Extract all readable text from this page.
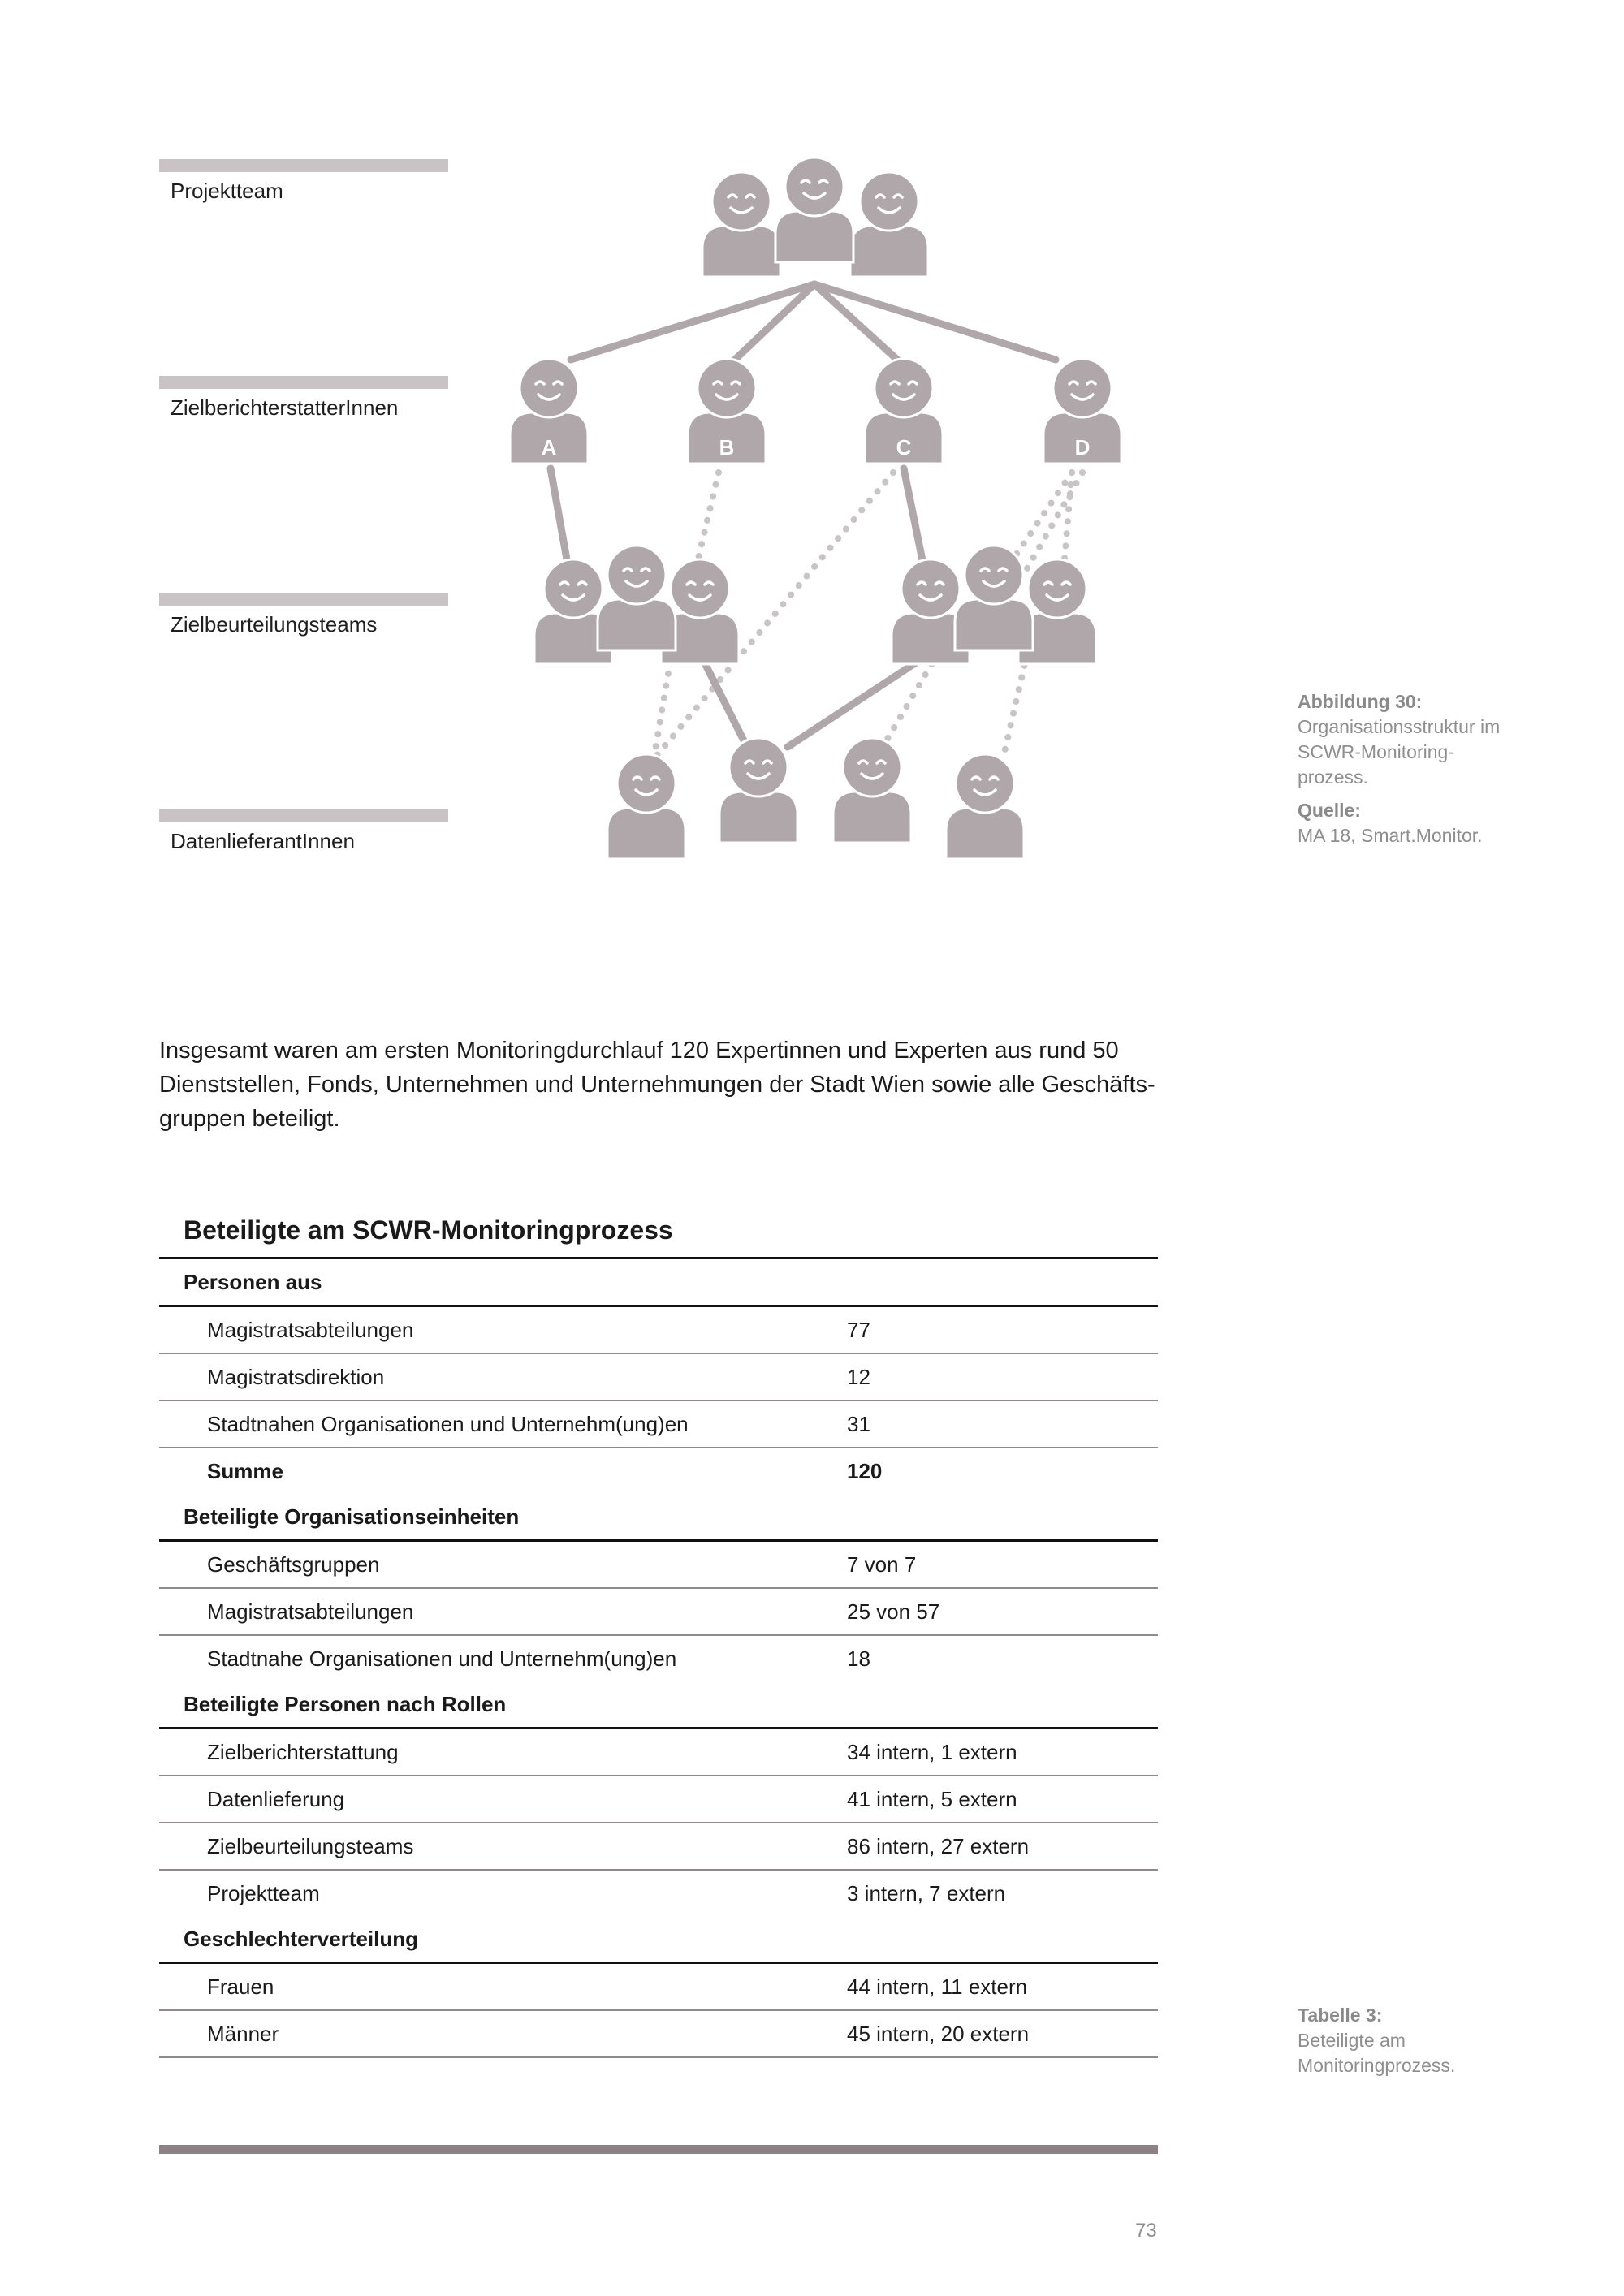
Projektteam
ZielberichterstatterInnen
Zielbeurteilungsteams
DatenlieferantInnen
A	B	C	D
Abbildung 30:
Organisationsstruktur im SCWR-Monitoring-prozess.
Quelle:
MA 18, Smart.Monitor.

Insgesamt waren am ersten Monitoringdurchlauf 120 Expertinnen und Experten aus rund 50 Dienststellen, Fonds, Unternehmen und Unternehmungen der Stadt Wien sowie alle Geschäfts-gruppen beteiligt.

Beteiligte am SCWR-Monitoringprozess
Personen aus
Magistratsabteilungen	77
Magistratsdirektion	12
Stadtnahen Organisationen und Unternehm(ung)en	31
Summe	120
Beteiligte Organisationseinheiten
Geschäftsgruppen	7 von 7
Magistratsabteilungen	25 von 57
Stadtnahe Organisationen und Unternehm(ung)en	18
Beteiligte Personen nach Rollen
Zielberichterstattung	34 intern, 1 extern
Datenlieferung	41 intern, 5 extern
Zielbeurteilungsteams	86 intern, 27 extern
Projektteam	3 intern, 7 extern
Geschlechterverteilung
Frauen	44 intern, 11 extern
Männer	45 intern, 20 extern
Tabelle 3:
Beteiligte am Monitoringprozess.
73
